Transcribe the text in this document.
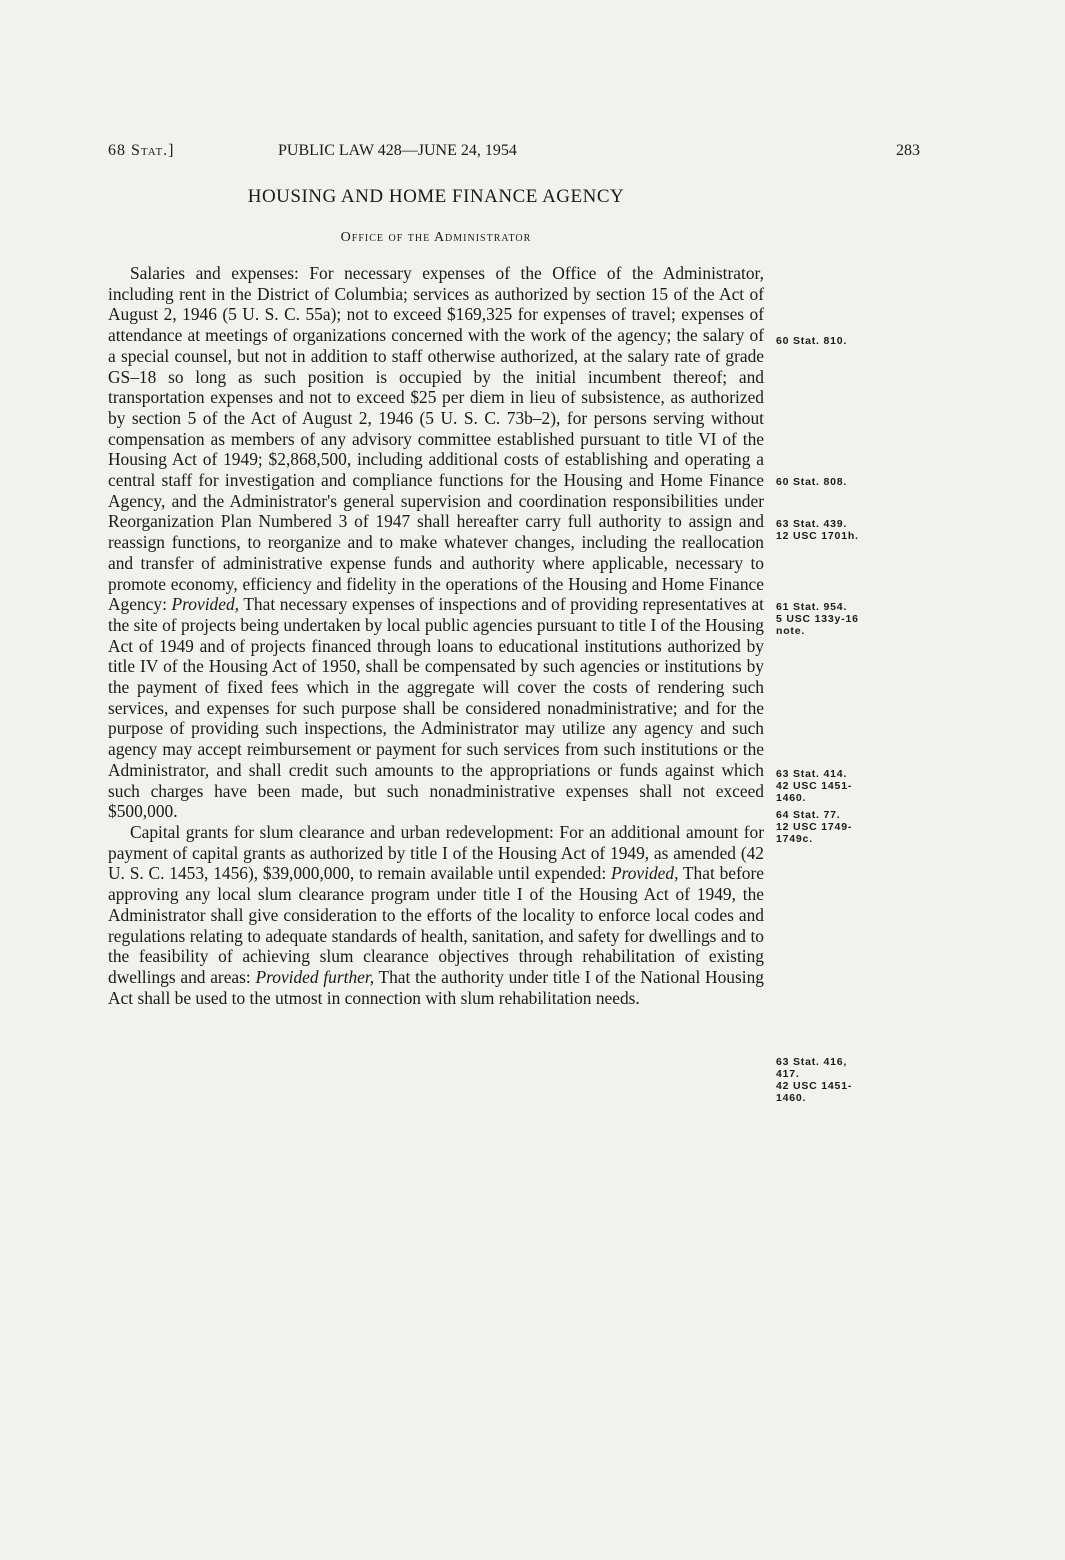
68 Stat.]	PUBLIC LAW 428—JUNE 24, 1954	283
HOUSING AND HOME FINANCE AGENCY
Office of the Administrator

Salaries and expenses: For necessary expenses of the Office of the Administrator, including rent in the District of Columbia; services as authorized by section 15 of the Act of August 2, 1946 (5 U. S. C. 55a); not to exceed $169,325 for expenses of travel; expenses of attendance at meetings of organizations concerned with the work of the agency; the salary of a special counsel, but not in addition to staff otherwise authorized, at the salary rate of grade GS–18 so long as such position is occupied by the initial incumbent thereof; and transportation expenses and not to exceed $25 per diem in lieu of subsistence, as authorized by section 5 of the Act of August 2, 1946 (5 U. S. C. 73b–2), for persons serving without compensation as members of any advisory committee established pursuant to title VI of the Housing Act of 1949; $2,868,500, including additional costs of establishing and operating a central staff for investigation and compliance functions for the Housing and Home Finance Agency, and the Administrator's general supervision and coordination responsibilities under Reorganization Plan Numbered 3 of 1947 shall hereafter carry full authority to assign and reassign functions, to reorganize and to make whatever changes, including the reallocation and transfer of administrative expense funds and authority where applicable, necessary to promote economy, efficiency and fidelity in the operations of the Housing and Home Finance Agency: Provided, That necessary expenses of inspections and of providing representatives at the site of projects being undertaken by local public agencies pursuant to title I of the Housing Act of 1949 and of projects financed through loans to educational institutions authorized by title IV of the Housing Act of 1950, shall be compensated by such agencies or institutions by the payment of fixed fees which in the aggregate will cover the costs of rendering such services, and expenses for such purpose shall be considered nonadministrative; and for the purpose of providing such inspections, the Administrator may utilize any agency and such agency may accept reimbursement or payment for such services from such institutions or the Administrator, and shall credit such amounts to the appropriations or funds against which such charges have been made, but such nonadministrative expenses shall not exceed $500,000.

Capital grants for slum clearance and urban redevelopment: For an additional amount for payment of capital grants as authorized by title I of the Housing Act of 1949, as amended (42 U. S. C. 1453, 1456), $39,000,000, to remain available until expended: Provided, That before approving any local slum clearance program under title I of the Housing Act of 1949, the Administrator shall give consideration to the efforts of the locality to enforce local codes and regulations relating to adequate standards of health, sanitation, and safety for dwellings and to the feasibility of achieving slum clearance objectives through rehabilitation of existing dwellings and areas: Provided further, That the authority under title I of the National Housing Act shall be used to the utmost in connection with slum rehabilitation needs.

60 Stat. 810.
60 Stat. 808.
63 Stat. 439.
12 USC 1701h.
61 Stat. 954.
5 USC 133y-16
note.
63 Stat. 414.
42 USC 1451-
1460.
64 Stat. 77.
12 USC 1749-
1749c.
63 Stat. 416,
417.
42 USC 1451-
1460.
